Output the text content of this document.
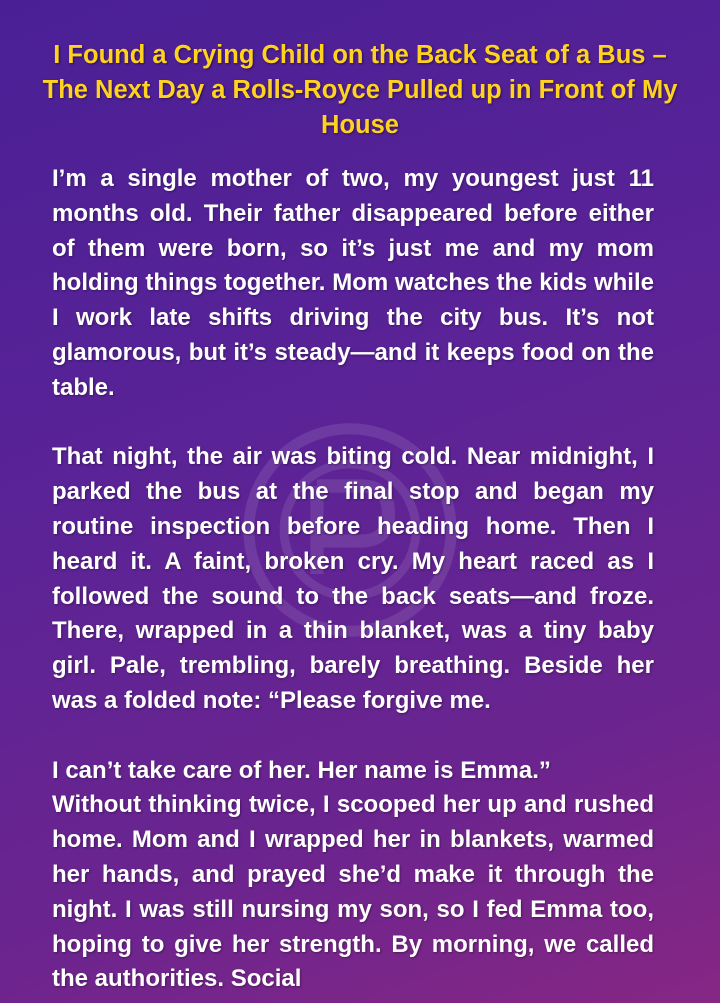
I Found a Crying Child on the Back Seat of a Bus – The Next Day a Rolls-Royce Pulled up in Front of My House

I’m a single mother of two, my youngest just 11 months old. Their father disappeared before either of them were born, so it’s just me and my mom holding things together. Mom watches the kids while I work late shifts driving the city bus. It’s not glamorous, but it’s steady—and it keeps food on the table.

That night, the air was biting cold. Near midnight, I parked the bus at the final stop and began my routine inspection before heading home. Then I heard it. A faint, broken cry. My heart raced as I followed the sound to the back seats—and froze. There, wrapped in a thin blanket, was a tiny baby girl. Pale, trembling, barely breathing. Beside her was a folded note: “Please forgive me.

I can’t take care of her. Her name is Emma.”

Without thinking twice, I scooped her up and rushed home. Mom and I wrapped her in blankets, warmed her hands, and prayed she’d make it through the night. I was still nursing my son, so I fed Emma too, hoping to give her strength. By morning, we called the authorities. Social
